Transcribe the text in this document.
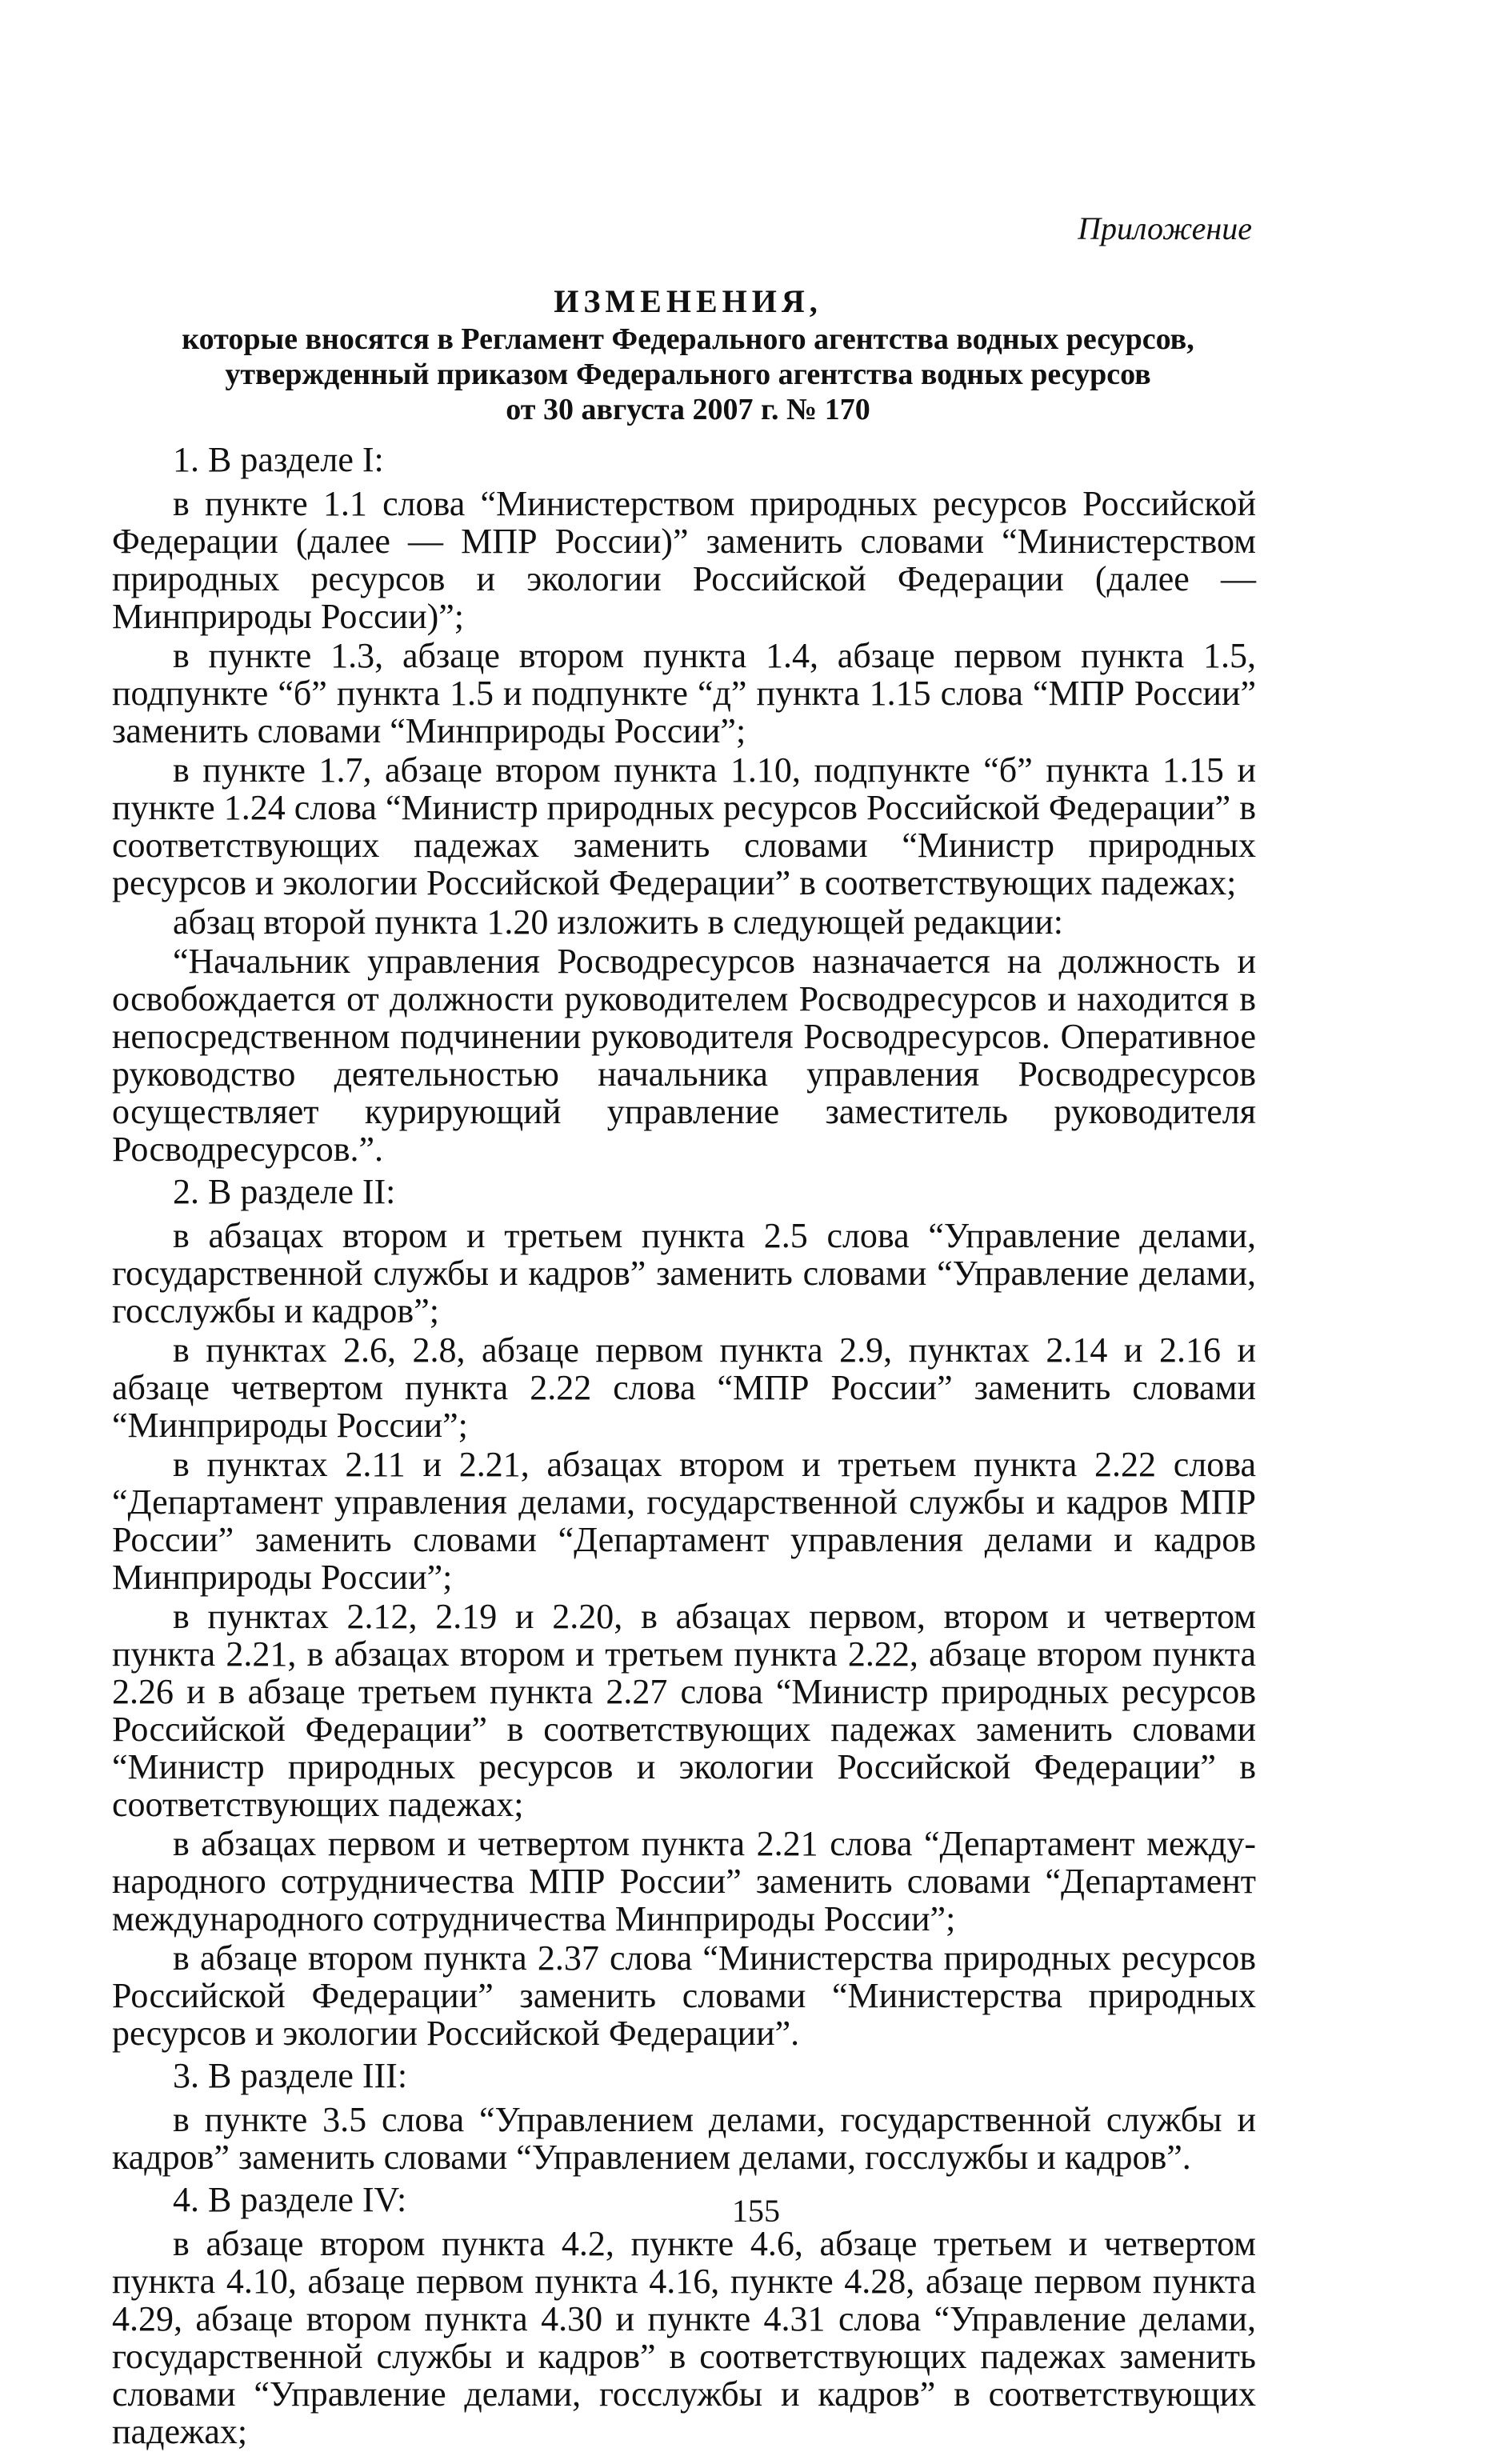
Приложение
ИЗМЕНЕНИЯ,
которые вносятся в Регламент Федерального агентства водных ресурсов,
утвержденный приказом Федерального агентства водных ресурсов
от 30 августа 2007 г. № 170

1. В разделе I:

в пункте 1.1 слова “Министерством природных ресурсов Российской Федерации (далее — МПР России)” заменить словами “Министерством природных ресурсов и экологии Российской Федерации (далее — Минприроды России)”;

в пункте 1.3, абзаце втором пункта 1.4, абзаце первом пункта 1.5, подпункте “б” пункта 1.5 и подпункте “д” пункта 1.15 слова “МПР России” заменить словами “Минприроды России”;

в пункте 1.7, абзаце втором пункта 1.10, подпункте “б” пункта 1.15 и пункте 1.24 слова “Министр природных ресурсов Российской Федерации” в соответствующих падежах заменить словами “Министр природных ресурсов и экологии Российской Федерации” в соответствующих падежах;

абзац второй пункта 1.20 изложить в следующей редакции:

“Начальник управления Росводресурсов назначается на должность и освобождается от должности руководителем Росводресурсов и находится в непосредственном подчинении руководителя Росводресурсов. Оперативное руководство деятельностью начальника управления Росводресурсов осуществляет курирующий управление заместитель руководителя Росводресурсов.”.

2. В разделе II:

в абзацах втором и третьем пункта 2.5 слова “Управление делами, государственной службы и кадров” заменить словами “Управление делами, госслужбы и кадров”;

в пунктах 2.6, 2.8, абзаце первом пункта 2.9, пунктах 2.14 и 2.16 и абзаце четвертом пункта 2.22 слова “МПР России” заменить словами “Минприроды России”;

в пунктах 2.11 и 2.21, абзацах втором и третьем пункта 2.22 слова “Департамент управления делами, государственной службы и кадров МПР России” заменить словами “Департамент управления делами и кадров Минприроды России”;

в пунктах 2.12, 2.19 и 2.20, в абзацах первом, втором и четвертом пункта 2.21, в абзацах втором и третьем пункта 2.22, абзаце втором пункта 2.26 и в абзаце третьем пункта 2.27 слова “Министр природных ресурсов Российской Федерации” в соответствующих падежах заменить словами “Министр природных ресурсов и экологии Российской Федерации” в соответствующих падежах;

в абзацах первом и четвертом пункта 2.21 слова “Департамент международного сотрудничества МПР России” заменить словами “Департамент международного сотрудничества Минприроды России”;

в абзаце втором пункта 2.37 слова “Министерства природных ресурсов Российской Федерации” заменить словами “Министерства природных ресурсов и экологии Российской Федерации”.

3. В разделе III:

в пункте 3.5 слова “Управлением делами, государственной службы и кадров” заменить словами “Управлением делами, госслужбы и кадров”.

4. В разделе IV:

в абзаце втором пункта 4.2, пункте 4.6, абзаце третьем и четвертом пункта 4.10, абзаце первом пункта 4.16, пункте 4.28, абзаце первом пункта 4.29, абзаце втором пункта 4.30 и пункте 4.31 слова “Управление делами, государственной службы и кадров” в соответствующих падежах заменить словами “Управление делами, госслужбы и кадров” в соответствующих падежах;

155
